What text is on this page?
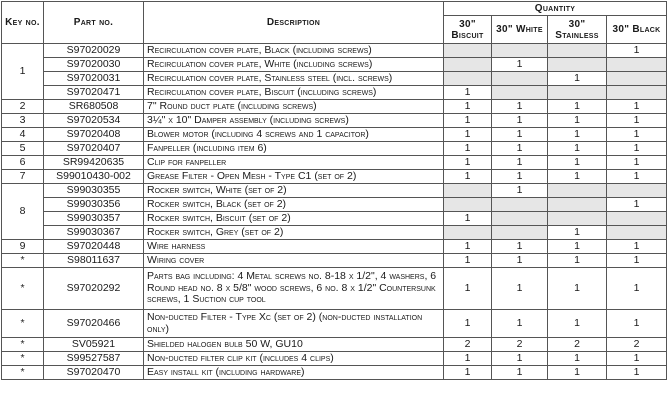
Key no.	Part no.	Description	Quantity			
			30" Biscuit	30" White	30" Stainless	30" Black
1	S97020029	Recirculation cover plate, Black (including screws)				1
	S97020030	Recirculation cover plate, White (including screws)		1		
	S97020031	Recirculation cover plate, Stainless steel (incl. screws)			1	
	S97020471	Recirculation cover plate, Biscuit (including screws)	1			
2	SR680508	7" Round duct plate (including screws)	1	1	1	1
3	S97020534	3¼" x 10" Damper assembly (including screws)	1	1	1	1
4	S97020408	Blower motor (including 4 screws and 1 capacitor)	1	1	1	1
5	S97020407	Fanpeller (including item 6)	1	1	1	1
6	SR99420635	Clip for fanpeller	1	1	1	1
7	S99010430-002	Grease Filter - Open Mesh - Type C1 (set of 2)	1	1	1	1
8	S99030355	Rocker switch, White (set of 2)		1		
	S99030356	Rocker switch, Black (set of 2)				1
	S99030357	Rocker switch, Biscuit (set of 2)	1			
	S99030367	Rocker switch, Grey (set of 2)			1	
9	S97020448	Wire harness	1	1	1	1
*	S98011637	Wiring cover	1	1	1	1
*	S97020292	Parts bag including: 4 Metal screws no. 8-18 x 1/2", 4 washers, 6 Round head no. 8 x 5/8" wood screws, 6 no. 8 x 1/2" Countersunk screws, 1 Suction cup tool	1	1	1	1
*	S97020466	Non-ducted Filter - Type Xc (set of 2) (non-ducted installation only)	1	1	1	1
*	SV05921	Shielded halogen bulb 50 W, GU10	2	2	2	2
*	S99527587	Non-ducted filter clip kit (includes 4 clips)	1	1	1	1
*	S97020470	Easy install kit (including hardware)	1	1	1	1
